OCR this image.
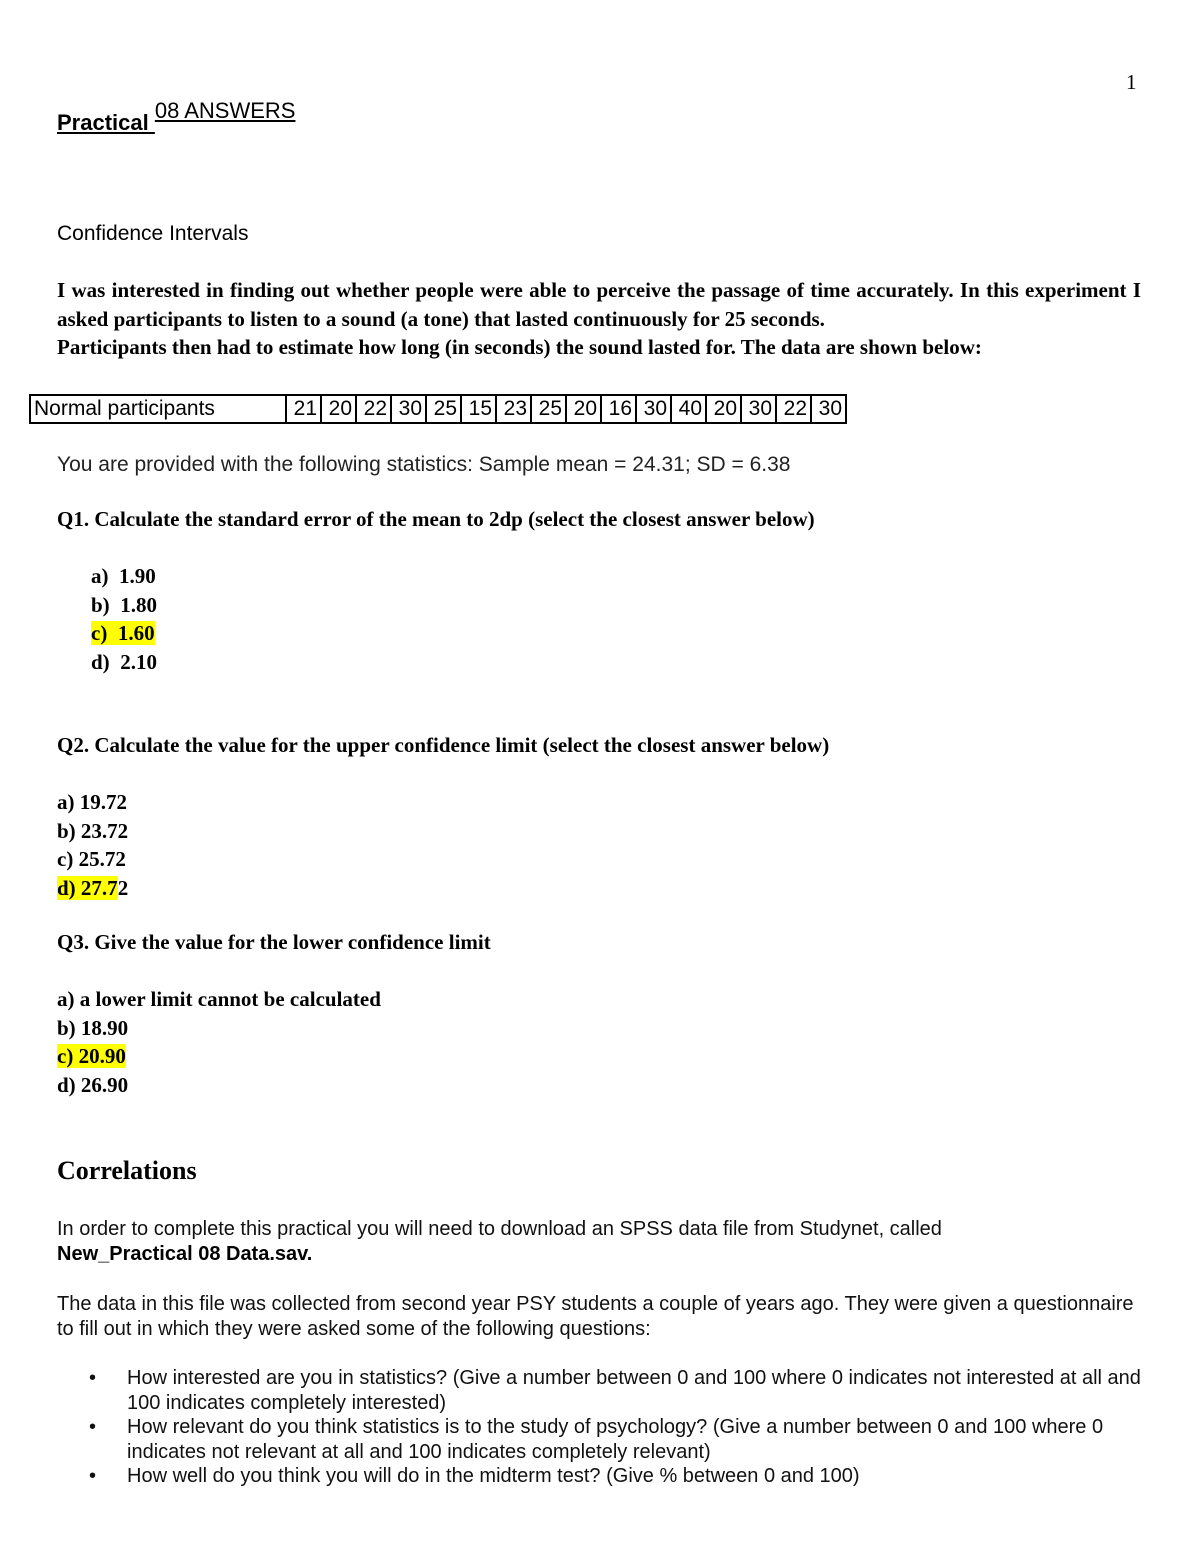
1
Practical 08 ANSWERS
Confidence Intervals

I was interested in finding out whether people were able to perceive the passage of time accurately. In this experiment I asked participants to listen to a sound (a tone) that lasted continuously for 25 seconds.

Participants then had to estimate how long (in seconds) the sound lasted for. The data are shown below:

Normal participants	21	20	22	30	25	15	23	25	20	16	30	40	20	30	22	30
You are provided with the following statistics: Sample mean = 24.31; SD = 6.38
Q1. Calculate the standard error of the mean to 2dp (select the closest answer below)
a) 1.90
b) 1.80
c) 1.60
d) 2.10
Q2. Calculate the value for the upper confidence limit (select the closest answer below)
a) 19.72
b) 23.72
c) 25.72
d) 27.72
Q3. Give the value for the lower confidence limit
a) a lower limit cannot be calculated
b) 18.90
c) 20.90
d) 26.90
Correlations
In order to complete this practical you will need to download an SPSS data file from Studynet, called
New_Practical 08 Data.sav.
The data in this file was collected from second year PSY students a couple of years ago. They were given a questionnaire to fill out in which they were asked some of the following questions:
• How interested are you in statistics? (Give a number between 0 and 100 where 0 indicates not interested at all and 100 indicates completely interested)
• How relevant do you think statistics is to the study of psychology? (Give a number between 0 and 100 where 0 indicates not relevant at all and 100 indicates completely relevant)
• How well do you think you will do in the midterm test? (Give % between 0 and 100)
